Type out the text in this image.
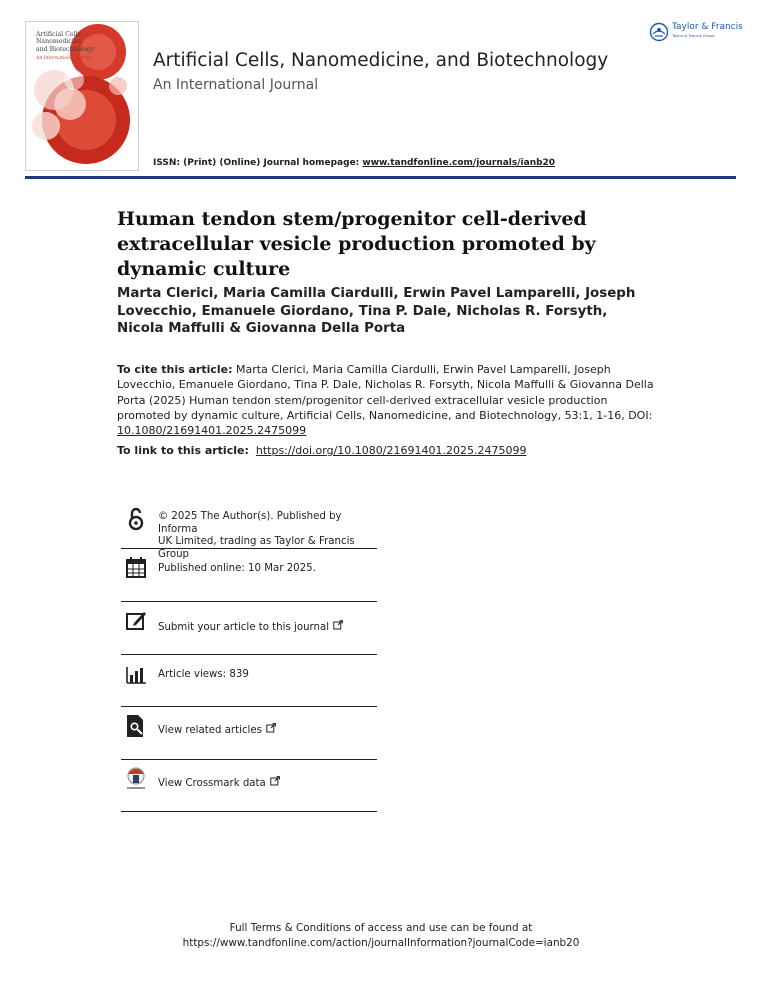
Artificial Cells,
Nanomedicine,
and Biotechnology
An International Journal	Artificial Cells, Nanomedicine, and Biotechnology
An International Journal
ISSN: (Print) (Online) Journal homepage: www.tandfonline.com/journals/ianb20
Taylor & Francis
Taylor & Francis Group
Human tendon stem/progenitor cell-derived extracellular vesicle production promoted by dynamic culture
Marta Clerici, Maria Camilla Ciardulli, Erwin Pavel Lamparelli, Joseph Lovecchio, Emanuele Giordano, Tina P. Dale, Nicholas R. Forsyth, Nicola Maffulli & Giovanna Della Porta
To cite this article: Marta Clerici, Maria Camilla Ciardulli, Erwin Pavel Lamparelli, Joseph Lovecchio, Emanuele Giordano, Tina P. Dale, Nicholas R. Forsyth, Nicola Maffulli & Giovanna Della Porta (2025) Human tendon stem/progenitor cell-derived extracellular vesicle production promoted by dynamic culture, Artificial Cells, Nanomedicine, and Biotechnology, 53:1, 1-16, DOI: 10.1080/21691401.2025.2475099
To link to this article: https://doi.org/10.1080/21691401.2025.2475099
© 2025 The Author(s). Published by Informa
UK Limited, trading as Taylor & Francis
Group
Published online: 10 Mar 2025.
Submit your article to this journal
Article views: 839
View related articles
View Crossmark data
Full Terms & Conditions of access and use can be found at
https://www.tandfonline.com/action/journalInformation?journalCode=ianb20
